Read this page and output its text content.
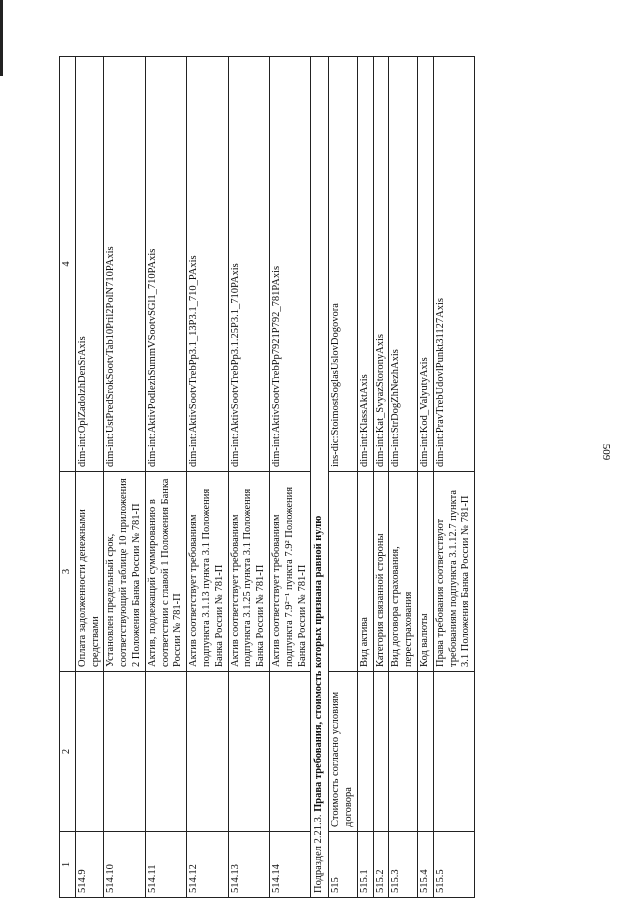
509
1	2	3	4
514.9		Оплата задолженности денежными средствами	dim-int:OplZadolzhDenSrAxis
514.10		Установлен предельный срок, соответствующий таблице 10 приложения 2 Положения Банка России № 781-П	dim-int:UstPredSrokSootvTab10Pril2PolN710PAxis
514.11		Актив, подлежащий суммированию в соответствии с главой 1 Положения Банка России № 781-П	dim-int:AktivPodlezhSummVSootvSGl1_710PAxis
514.12		Актив соответствует требованиям подпункта 3.1.13 пункта 3.1 Положения Банка России № 781-П	dim-int:AktivSootvTrebPp3.1_13P3.1_710_PAxis
514.13		Актив соответствует требованиям подпункта 3.1.25 пункта 3.1 Положения Банка России № 781-П	dim-int:AktivSootvTrebPp3.1.25P3.1_710PAxis
514.14		Актив соответствует требованиям подпункта 7.9²⁻¹ пункта 7.9² Положения Банка России № 781-П	dim-int:AktivSootvTrebPp7921P792_781PAxis
Подраздел 2.21.3. Права требования, стоимость которых признана равной нулю			
515	Стоимость согласно условиям договора		ins-dic:StoimostSoglasUslovDogovora
515.1		Вид актива	dim-int:KlassAktAxis
515.2		Категория связанной стороны	dim-int:Kat_SvyazStoronyAxis
515.3		Вид договора страхования, перестрахования	dim-int:StrDogZhNezhAxis
515.4		Код валюты	dim-int:Kod_ValyutyAxis
515.5		Права требования соответствуют требованиям подпункта 3.1.12.7 пункта 3.1 Положения Банка России № 781-П	dim-int:PravTrebUdovlPunkt31127Axis
